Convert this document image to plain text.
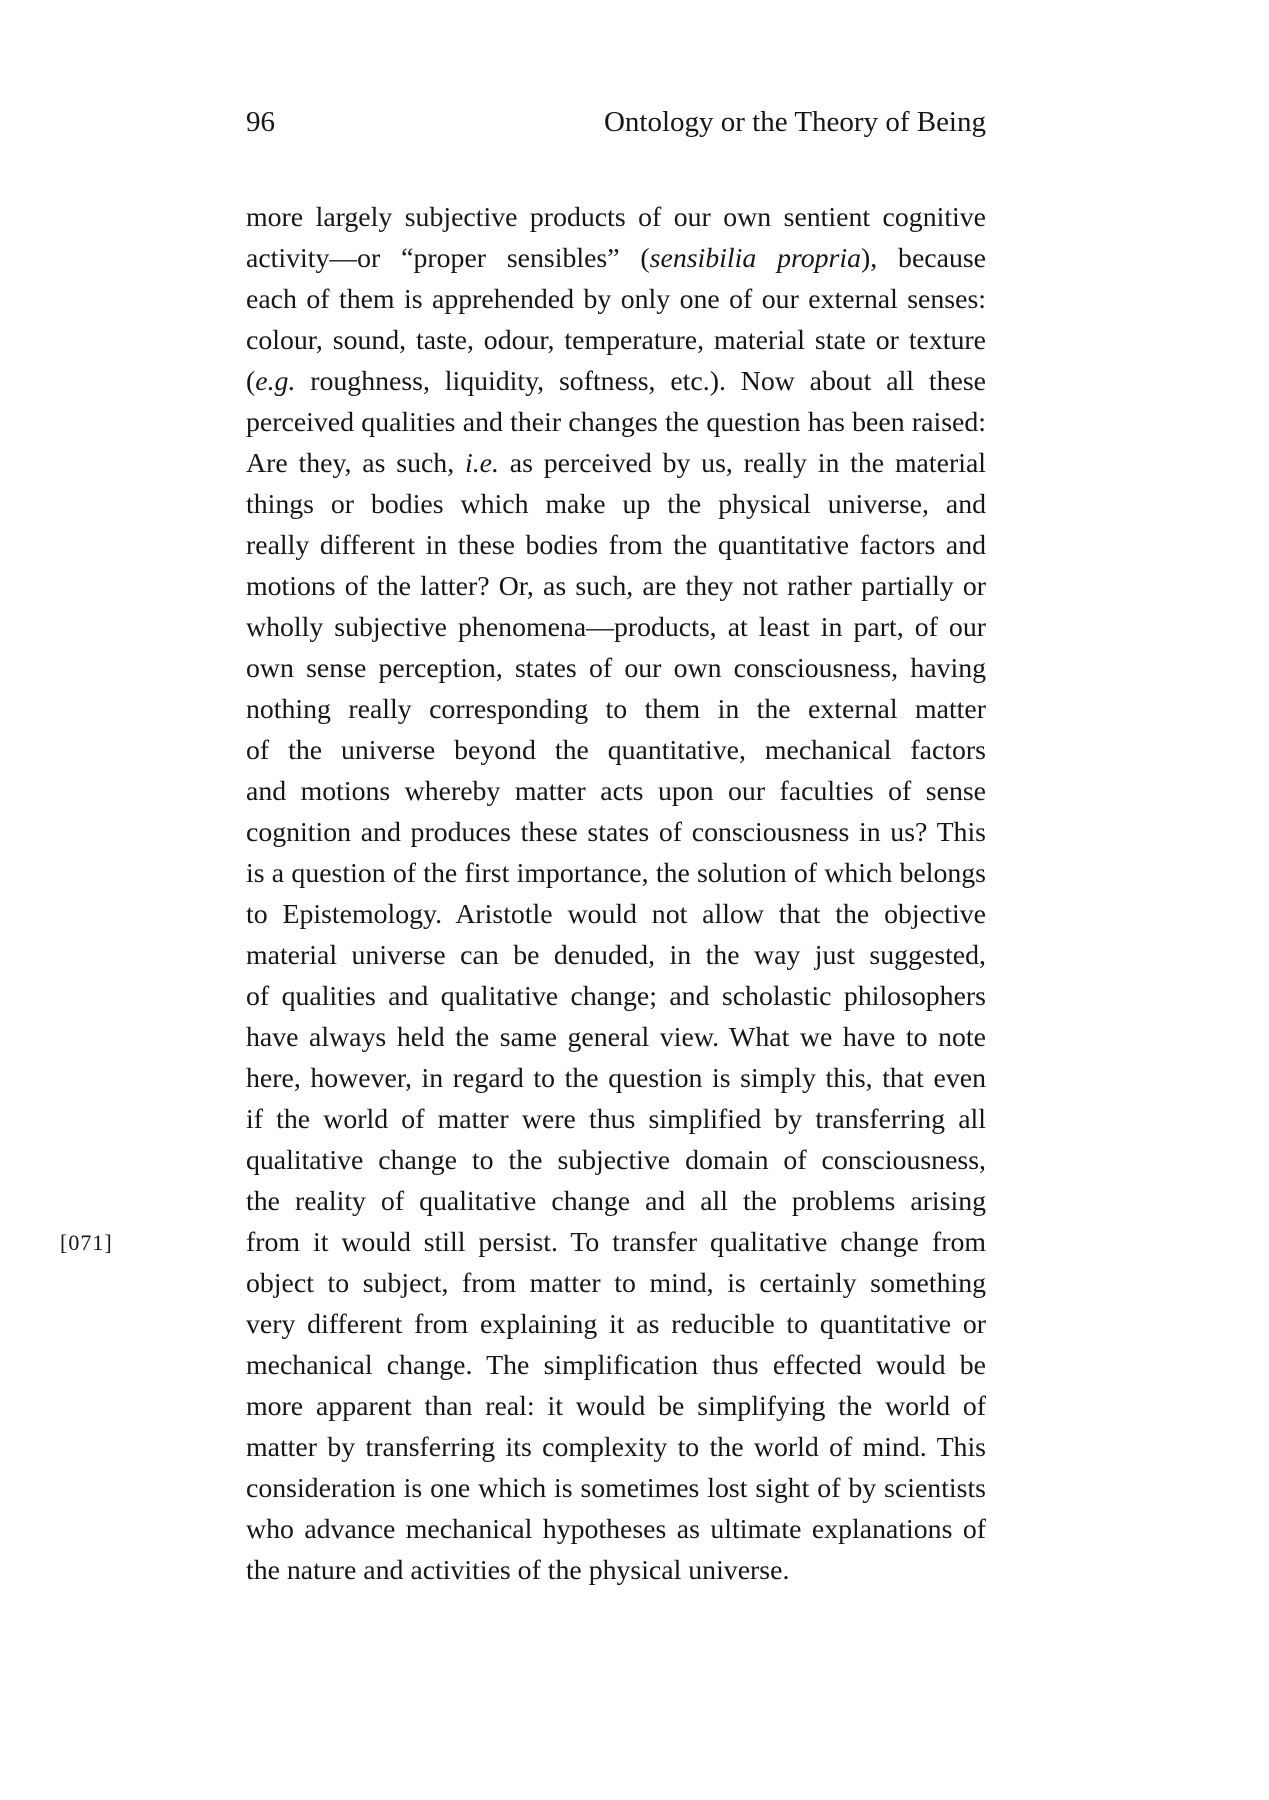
96	Ontology or the Theory of Being
[071]
more largely subjective products of our own sentient cognitive
activity—or “proper sensibles” (sensibilia propria), because
each of them is apprehended by only one of our external senses:
colour, sound, taste, odour, temperature, material state or texture
(e.g. roughness, liquidity, softness, etc.). Now about all these
perceived qualities and their changes the question has been raised:
Are they, as such, i.e. as perceived by us, really in the material
things or bodies which make up the physical universe, and
really different in these bodies from the quantitative factors and
motions of the latter? Or, as such, are they not rather partially or
wholly subjective phenomena—products, at least in part, of our
own sense perception, states of our own consciousness, having
nothing really corresponding to them in the external matter
of the universe beyond the quantitative, mechanical factors
and motions whereby matter acts upon our faculties of sense
cognition and produces these states of consciousness in us? This
is a question of the first importance, the solution of which belongs
to Epistemology. Aristotle would not allow that the objective
material universe can be denuded, in the way just suggested,
of qualities and qualitative change; and scholastic philosophers
have always held the same general view. What we have to note
here, however, in regard to the question is simply this, that even
if the world of matter were thus simplified by transferring all
qualitative change to the subjective domain of consciousness,
the reality of qualitative change and all the problems arising
from it would still persist. To transfer qualitative change from
object to subject, from matter to mind, is certainly something
very different from explaining it as reducible to quantitative or
mechanical change. The simplification thus effected would be
more apparent than real: it would be simplifying the world of
matter by transferring its complexity to the world of mind. This
consideration is one which is sometimes lost sight of by scientists
who advance mechanical hypotheses as ultimate explanations of
the nature and activities of the physical universe.
